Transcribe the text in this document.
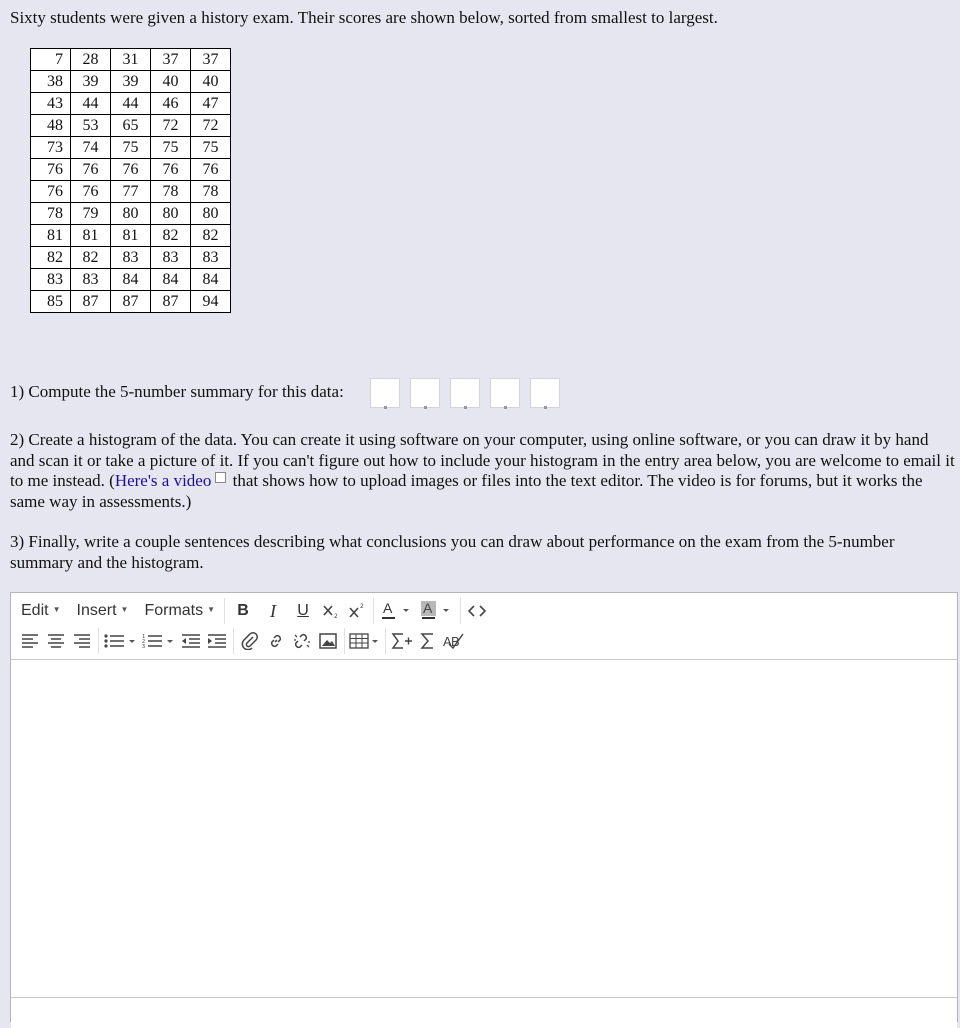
Sixty students were given a history exam. Their scores are shown below, sorted from smallest to largest.

7	28	31	37	37
38	39	39	40	40
43	44	44	46	47
48	53	65	72	72
73	74	75	75	75
76	76	76	76	76
76	76	77	78	78
78	79	80	80	80
81	81	81	82	82
82	82	83	83	83
83	83	84	84	84
85	87	87	87	94
1) Compute the 5-number summary for this data:

2) Create a histogram of the data. You can create it using software on your computer, using online software, or you can draw it by hand and scan it or take a picture of it. If you can't figure out how to include your histogram in the entry area below, you are welcome to email it to me instead. (Here's a video that shows how to upload images or files into the text editor. The video is for forums, but it works the same way in assessments.)

3) Finally, write a couple sentences describing what conclusions you can draw about performance on the exam from the 5-number summary and the histogram.

Edit ▼ Insert ▼ Formats ▼	B	I	U	2
2 A A
1
2
3	A B
